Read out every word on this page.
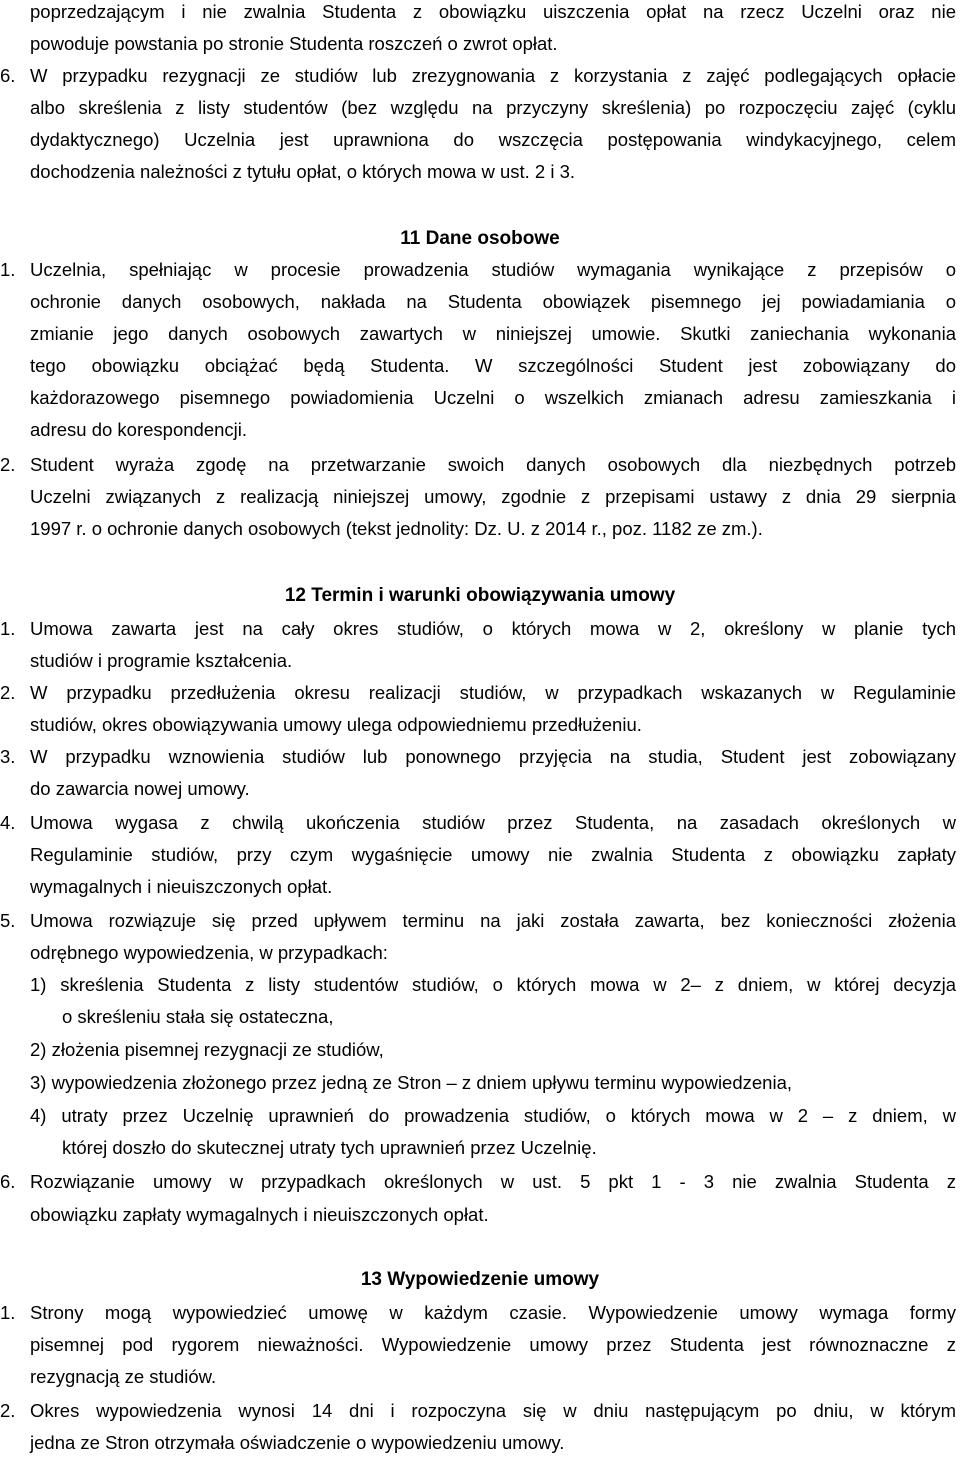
poprzedzającym i nie zwalnia Studenta z obowiązku uiszczenia opłat na rzecz Uczelni oraz nie
powoduje powstania po stronie Studenta roszczeń o zwrot opłat.
6. W przypadku rezygnacji ze studiów lub zrezygnowania z korzystania z zajęć podlegających opłacie
albo skreślenia z listy studentów (bez względu na przyczyny skreślenia) po rozpoczęciu zajęć (cyklu
dydaktycznego) Uczelnia jest uprawniona do wszczęcia postępowania windykacyjnego, celem
dochodzenia należności z tytułu opłat, o których mowa w ust. 2 i 3.
11 Dane osobowe
1. Uczelnia, spełniając w procesie prowadzenia studiów wymagania wynikające z przepisów o
ochronie danych osobowych, nakłada na Studenta obowiązek pisemnego jej powiadamiania o
zmianie jego danych osobowych zawartych w niniejszej umowie. Skutki zaniechania wykonania
tego obowiązku obciążać będą Studenta. W szczególności Student jest zobowiązany do
każdorazowego pisemnego powiadomienia Uczelni o wszelkich zmianach adresu zamieszkania i
adresu do korespondencji.
2. Student wyraża zgodę na przetwarzanie swoich danych osobowych dla niezbędnych potrzeb
Uczelni związanych z realizacją niniejszej umowy, zgodnie z przepisami ustawy z dnia 29 sierpnia
1997 r. o ochronie danych osobowych (tekst jednolity: Dz. U. z 2014 r., poz. 1182 ze zm.).
12 Termin i warunki obowiązywania umowy
1. Umowa zawarta jest na cały okres studiów, o których mowa w 2, określony w planie tych
studiów i programie kształcenia.
2. W przypadku przedłużenia okresu realizacji studiów, w przypadkach wskazanych w Regulaminie
studiów, okres obowiązywania umowy ulega odpowiedniemu przedłużeniu.
3. W przypadku wznowienia studiów lub ponownego przyjęcia na studia, Student jest zobowiązany
do zawarcia nowej umowy.
4. Umowa wygasa z chwilą ukończenia studiów przez Studenta, na zasadach określonych w
Regulaminie studiów, przy czym wygaśnięcie umowy nie zwalnia Studenta z obowiązku zapłaty
wymagalnych i nieuiszczonych opłat.
5. Umowa rozwiązuje się przed upływem terminu na jaki została zawarta, bez konieczności złożenia
odrębnego wypowiedzenia, w przypadkach:
1) skreślenia Studenta z listy studentów studiów, o których mowa w 2– z dniem, w której decyzja
o skreśleniu stała się ostateczna,
2) złożenia pisemnej rezygnacji ze studiów,
3) wypowiedzenia złożonego przez jedną ze Stron – z dniem upływu terminu wypowiedzenia,
4) utraty przez Uczelnię uprawnień do prowadzenia studiów, o których mowa w 2 – z dniem, w
której doszło do skutecznej utraty tych uprawnień przez Uczelnię.
6. Rozwiązanie umowy w przypadkach określonych w ust. 5 pkt 1 - 3 nie zwalnia Studenta z
obowiązku zapłaty wymagalnych i nieuiszczonych opłat.
13 Wypowiedzenie umowy
1. Strony mogą wypowiedzieć umowę w każdym czasie. Wypowiedzenie umowy wymaga formy
pisemnej pod rygorem nieważności. Wypowiedzenie umowy przez Studenta jest równoznaczne z
rezygnacją ze studiów.
2. Okres wypowiedzenia wynosi 14 dni i rozpoczyna się w dniu następującym po dniu, w którym
jedna ze Stron otrzymała oświadczenie o wypowiedzeniu umowy.
